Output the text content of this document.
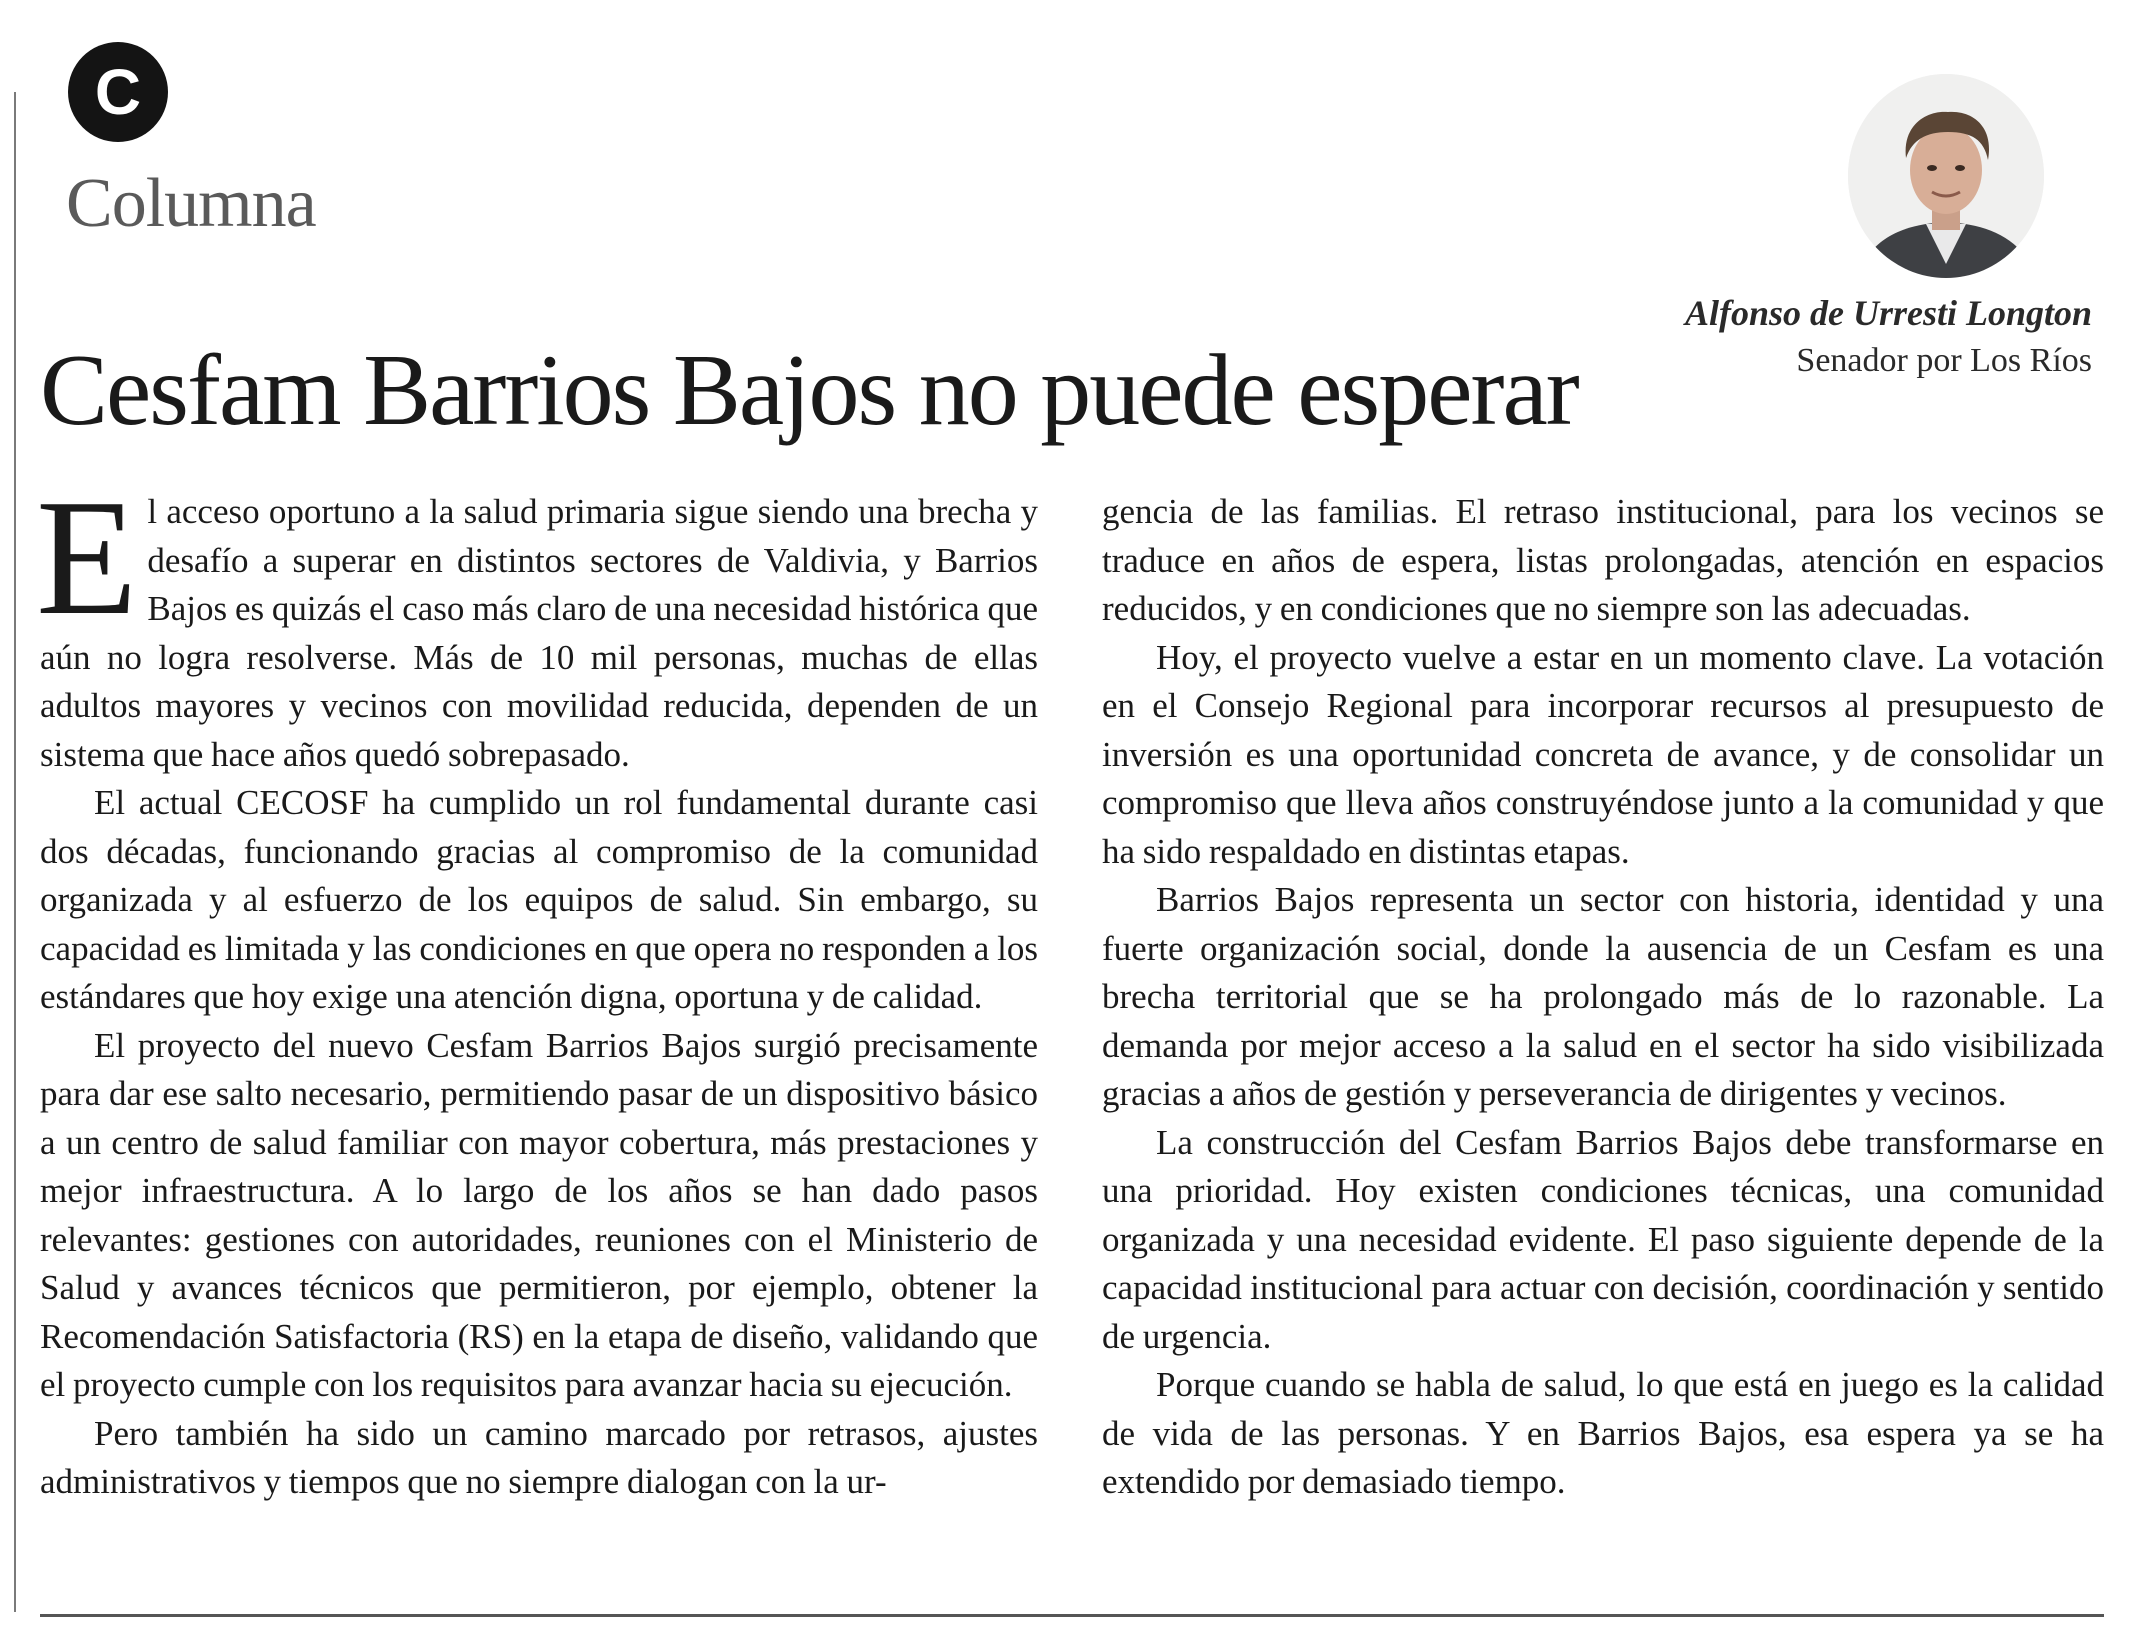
C
Columna
Alfonso de Urresti Longton
Senador por Los Ríos
Cesfam Barrios Bajos no puede esperar

El acceso oportuno a la salud primaria sigue siendo una brecha y desafío a superar en distintos sectores de Valdivia, y Barrios Bajos es quizás el caso más claro de una necesidad histórica que aún no logra resolverse. Más de 10 mil personas, muchas de ellas adultos mayores y vecinos con movilidad reducida, dependen de un sistema que hace años quedó sobrepasado.

El actual CECOSF ha cumplido un rol fundamental durante casi dos décadas, funcionando gracias al compromiso de la comunidad organizada y al esfuerzo de los equipos de salud. Sin embargo, su capacidad es limitada y las condiciones en que opera no responden a los estándares que hoy exige una atención digna, oportuna y de calidad.

El proyecto del nuevo Cesfam Barrios Bajos surgió precisamente para dar ese salto necesario, permitiendo pasar de un dispositivo básico a un centro de salud familiar con mayor cobertura, más prestaciones y mejor infraestructura. A lo largo de los años se han dado pasos relevantes: gestiones con autoridades, reuniones con el Ministerio de Salud y avances técnicos que permitieron, por ejemplo, obtener la Recomendación Satisfactoria (RS) en la etapa de diseño, validando que el proyecto cumple con los requisitos para avanzar hacia su ejecución.

Pero también ha sido un camino marcado por retrasos, ajustes administrativos y tiempos que no siempre dialogan con la ur-

gencia de las familias. El retraso institucional, para los vecinos se traduce en años de espera, listas prolongadas, atención en espacios reducidos, y en condiciones que no siempre son las adecuadas.

Hoy, el proyecto vuelve a estar en un momento clave. La votación en el Consejo Regional para incorporar recursos al presupuesto de inversión es una oportunidad concreta de avance, y de consolidar un compromiso que lleva años construyéndose junto a la comunidad y que ha sido respaldado en distintas etapas.

Barrios Bajos representa un sector con historia, identidad y una fuerte organización social, donde la ausencia de un Cesfam es una brecha territorial que se ha prolongado más de lo razonable. La demanda por mejor acceso a la salud en el sector ha sido visibilizada gracias a años de gestión y perseverancia de dirigentes y vecinos.

La construcción del Cesfam Barrios Bajos debe transformarse en una prioridad. Hoy existen condiciones técnicas, una comunidad organizada y una necesidad evidente. El paso siguiente depende de la capacidad institucional para actuar con decisión, coordinación y sentido de urgencia.

Porque cuando se habla de salud, lo que está en juego es la calidad de vida de las personas. Y en Barrios Bajos, esa espera ya se ha extendido por demasiado tiempo.
